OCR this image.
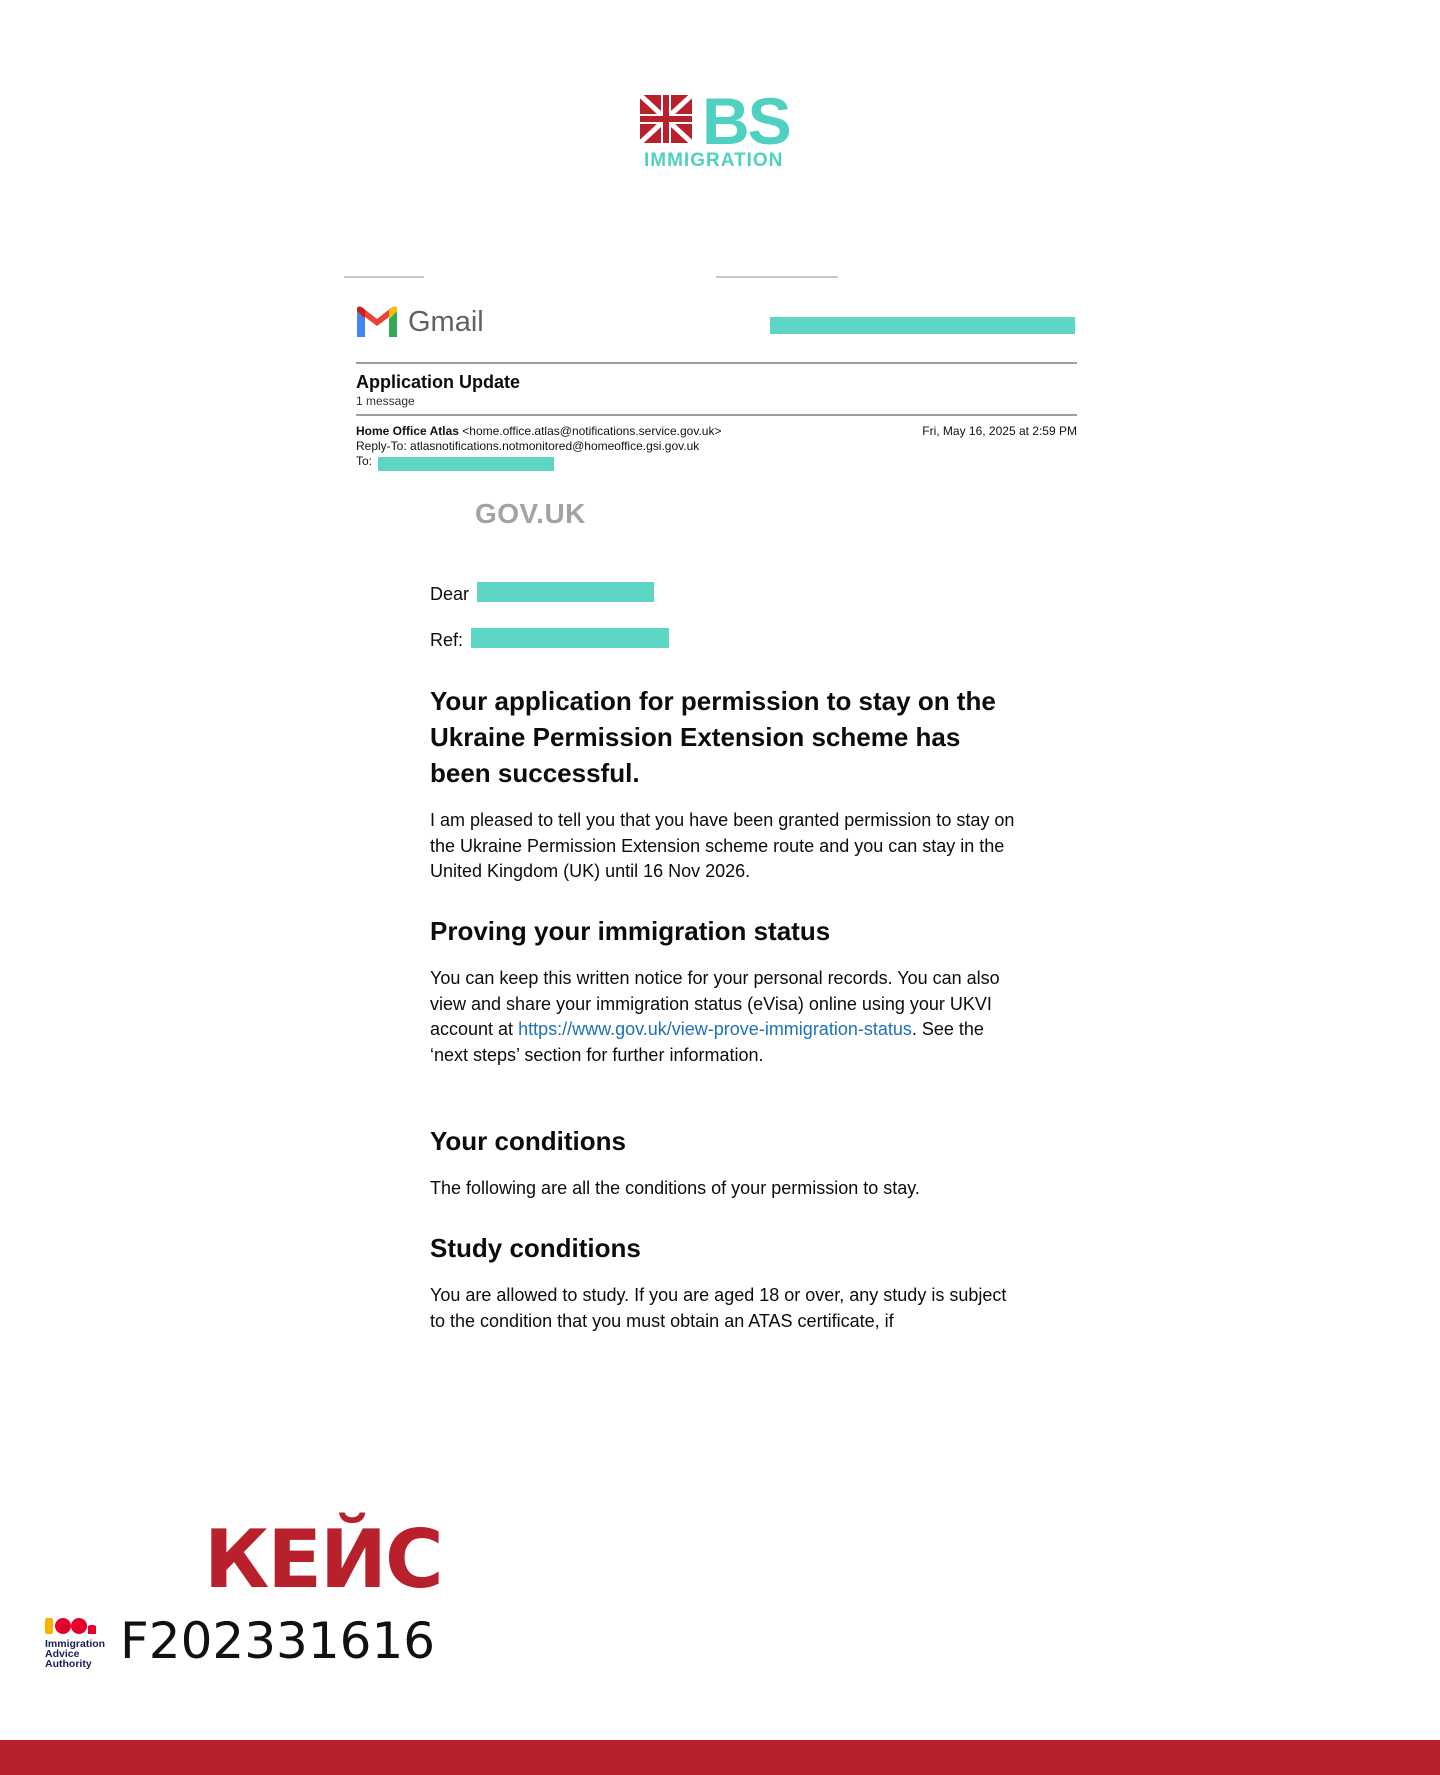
BS
IMMIGRATION
Gmail
Application Update
1 message
Home Office Atlas <home.office.atlas@notifications.service.gov.uk>	Fri, May 16, 2025 at 2:59 PM
Reply-To: atlasnotifications.notmonitored@homeoffice.gsi.gov.uk
To:
GOV.UK
Dear
Ref:
Your application for permission to stay on the Ukraine Permission Extension scheme has been successful.
I am pleased to tell you that you have been granted permission to stay on the Ukraine Permission Extension scheme route and you can stay in the United Kingdom (UK) until 16 Nov 2026.
Proving your immigration status
You can keep this written notice for your personal records. You can also view and share your immigration status (eVisa) online using your UKVI account at https://www.gov.uk/view-prove-immigration-status. See the ‘next steps’ section for further information.
Your conditions
The following are all the conditions of your permission to stay.
Study conditions
You are allowed to study. If you are aged 18 or over, any study is subject to the condition that you must obtain an ATAS certificate, if
КЕЙС
Immigration
Advice
Authority F202331616
